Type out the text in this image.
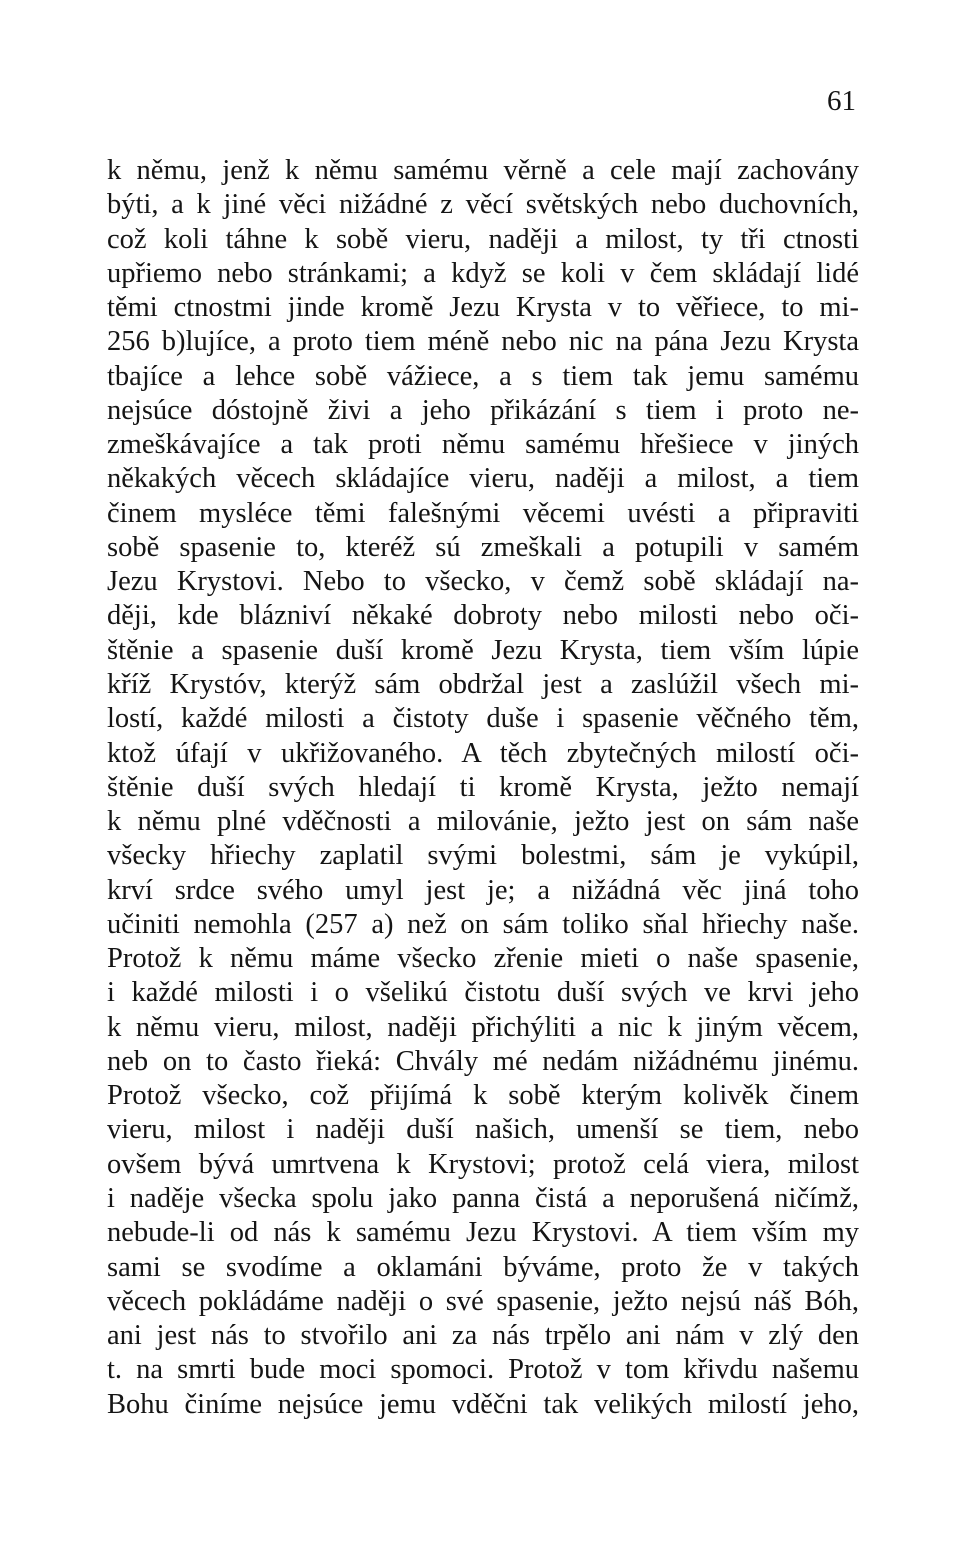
61
k němu, jenž k němu samému věrně a cele mají zachovány
býti, a k jiné věci nižádné z věcí světských nebo duchovních,
což koli táhne k sobě vieru, naději a milost, ty tři ctnosti
upřiemo nebo stránkami; a když se koli v čem skládají lidé
těmi ctnostmi jinde kromě Jezu Krysta v to věřiece, to mi-
256 b)lujíce, a proto tiem méně nebo nic na pána Jezu Krysta
tbajíce a lehce sobě vážiece, a s tiem tak jemu samému
nejsúce dóstojně živi a jeho přikázání s tiem i proto ne-
zmeškávajíce a tak proti němu samému hřešiece v jiných
někakých věcech skládajíce vieru, naději a milost, a tiem
činem mysléce těmi falešnými věcemi uvésti a připraviti
sobě spasenie to, kteréž sú zmeškali a potupili v samém
Jezu Krystovi. Nebo to všecko, v čemž sobě skládají na-
ději, kde blázniví někaké dobroty nebo milosti nebo oči-
štěnie a spasenie duší kromě Jezu Krysta, tiem vším lúpie
kříž Krystóv, kterýž sám obdržal jest a zaslúžil všech mi-
lostí, každé milosti a čistoty duše i spasenie věčného těm,
ktož úfají v ukřižovaného. A těch zbytečných milostí oči-
štěnie duší svých hledají ti kromě Krysta, ježto nemají
k němu plné vděčnosti a milovánie, ježto jest on sám naše
všecky hřiechy zaplatil svými bolestmi, sám je vykúpil,
krví srdce svého umyl jest je; a nižádná věc jiná toho
učiniti nemohla (257 a) než on sám toliko sňal hřiechy naše.
Protož k němu máme všecko zřenie mieti o naše spasenie,
i každé milosti i o všelikú čistotu duší svých ve krvi jeho
k němu vieru, milost, naději přichýliti a nic k jiným věcem,
neb on to často řieká: Chvály mé nedám nižádnému jinému.
Protož všecko, což přijímá k sobě kterým kolivěk činem
vieru, milost i naději duší našich, umenší se tiem, nebo
ovšem bývá umrtvena k Krystovi; protož celá viera, milost
i naděje všecka spolu jako panna čistá a neporušená ničímž,
nebude-li od nás k samému Jezu Krystovi. A tiem vším my
sami se svodíme a oklamáni býváme, proto že v takých
věcech pokládáme naději o své spasenie, ježto nejsú náš Bóh,
ani jest nás to stvořilo ani za nás trpělo ani nám v zlý den
t. na smrti bude moci spomoci. Protož v tom křivdu našemu
Bohu činíme nejsúce jemu vděčni tak velikých milostí jeho,
